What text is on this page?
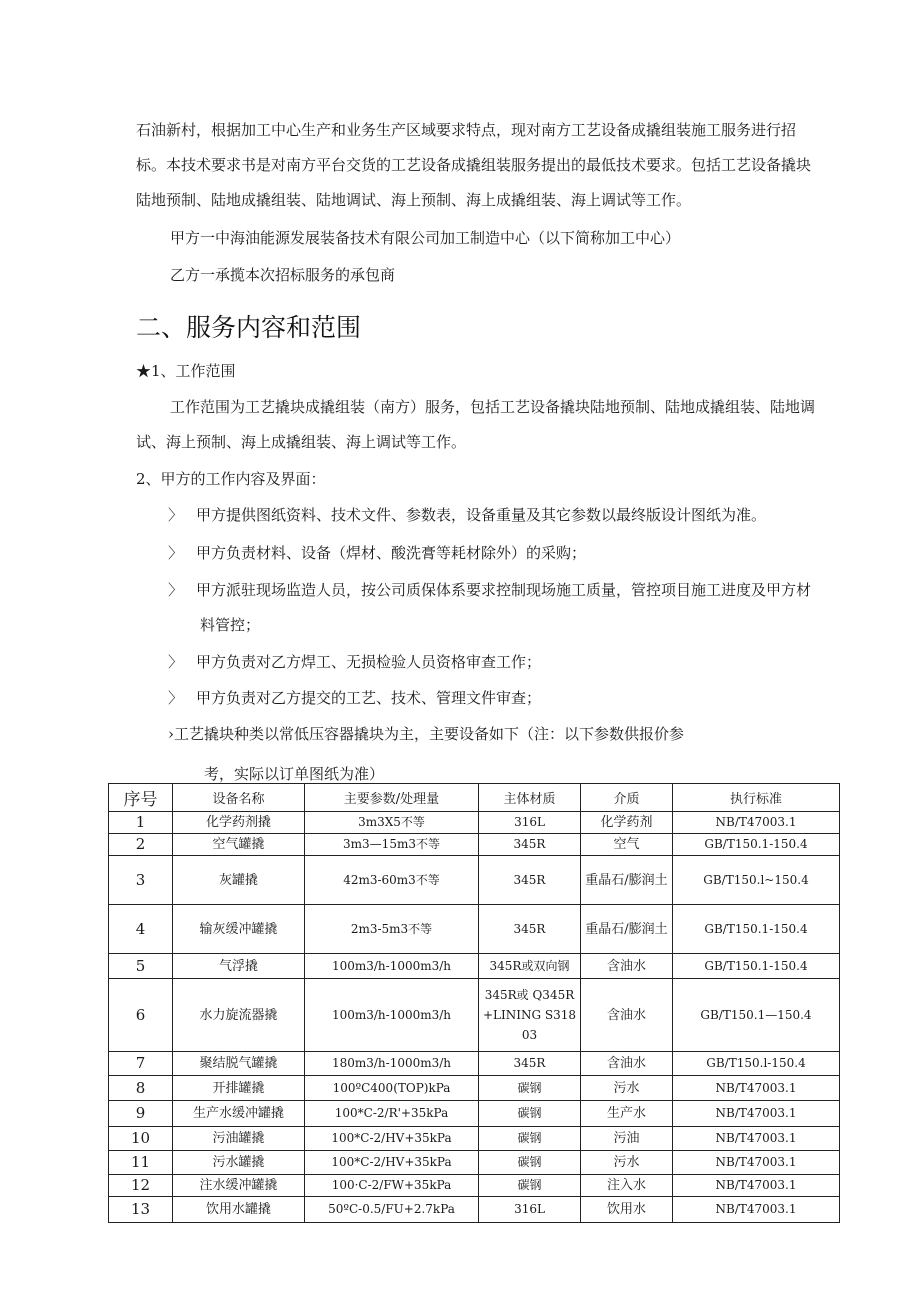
石油新村，根据加工中心生产和业务生产区域要求特点，现对南方工艺设备成撬组装施工服务进行招
标。本技术要求书是对南方平台交货的工艺设备成撬组装服务提出的最低技术要求。包括工艺设备撬块
陆地预制、陆地成撬组装、陆地调试、海上预制、海上成撬组装、海上调试等工作。
甲方一中海油能源发展装备技术有限公司加工制造中心（以下简称加工中心）
乙方一承揽本次招标服务的承包商
二、服务内容和范围
★1、工作范围
工作范围为工艺撬块成撬组装（南方）服务，包括工艺设备撬块陆地预制、陆地成撬组装、陆地调
试、海上预制、海上成撬组装、海上调试等工作。
2、甲方的工作内容及界面：
〉 甲方提供图纸资料、技术文件、参数表，设备重量及其它参数以最终版设计图纸为准。
〉 甲方负责材料、设备（焊材、酸洗膏等耗材除外）的采购；
〉 甲方派驻现场监造人员，按公司质保体系要求控制现场施工质量，管控项目施工进度及甲方材
料管控；
〉 甲方负责对乙方焊工、无损检验人员资格审查工作；
〉 甲方负责对乙方提交的工艺、技术、管理文件审查；
›工艺撬块种类以常低压容器撬块为主，主要设备如下（注：以下参数供报价参
考，实际以订单图纸为准）
序号	设备名称	主要参数/处理量	主体材质	介质	执行标准
1	化学药剂撬	3m3X5不等	316L	化学药剂	NB/T47003.1
2	空气罐撬	3m3—15m3不等	345R	空气	GB/T150.1-150.4
3	灰罐撬	42m3-60m3不等	345R	重晶石/膨润土	GB/T150.l~150.4
4	输灰缓冲罐撬	2m3-5m3不等	345R	重晶石/膨润土	GB/T150.1-150.4
5	气浮撬	100m3/h-1000m3/h	345R或双向钢	含油水	GB/T150.1-150.4
6	水力旋流器撬	100m3/h-1000m3/h	345R或 Q345R+LINING S31803	含油水	GB/T150.1—150.4
7	聚结脱气罐撬	180m3/h-1000m3/h	345R	含油水	GB/T150.l-150.4
8	开排罐撬	100ºC400(TOP)kPa	碳钢	污水	NB/T47003.1
9	生产水缓冲罐撬	100*C-2/R'+35kPa	碳钢	生产水	NB/T47003.1
10	污油罐撬	100*C-2/HV+35kPa	碳钢	污油	NB/T47003.1
11	污水罐撬	100*C-2/HV+35kPa	碳钢	污水	NB/T47003.1
12	注水缓冲罐撬	100·C-2/FW+35kPa	碳钢	注入水	NB/T47003.1
13	饮用水罐撬	50ºC-0.5/FU+2.7kPa	316L	饮用水	NB/T47003.1
